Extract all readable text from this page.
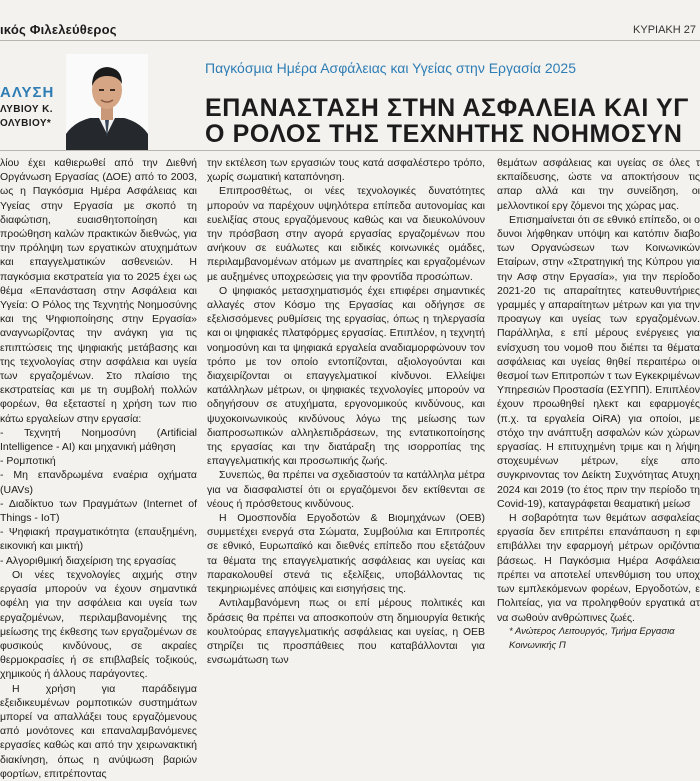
ικός Φιλελεύθερος	ΚΥΡΙΑΚΗ 27
ΑΛΥΣΗ
ΛΥΒΙΟΥ Κ.
ΟΛΥΒΙΟΥ*
Παγκόσμια Ημέρα Ασφάλειας και Υγείας στην Εργασία 2025
ΕΠΑΝΑΣΤΑΣΗ ΣΤΗΝ ΑΣΦΑΛΕΙΑ ΚΑΙ ΥΓ
Ο ΡΟΛΟΣ ΤΗΣ ΤΕΧΝΗΤΗΣ ΝΟΗΜΟΣΥΝ

λίου έχει καθιερωθεί από την Διεθνή Οργάνωση Εργασίας (ΔΟΕ) από το 2003, ως η Παγκόσμια Ημέρα Ασφάλειας και Υγείας στην Εργασία με σκοπό τη διαφώτιση, ευαισθητοποίηση και προώθηση καλών πρακτικών διεθνώς, για την πρόληψη των εργατικών ατυχημάτων και επαγγελματικών ασθενειών. Η παγκόσμια εκστρατεία για το 2025 έχει ως θέμα «Επανάσταση στην Ασφάλεια και Υγεία: Ο Ρόλος της Τεχνητής Νοημοσύνης και της Ψηφιοποίησης στην Εργασία» αναγνωρίζοντας την ανάγκη για τις επιπτώσεις της ψηφιακής μετάβασης και της τεχνολογίας στην ασφάλεια και υγεία των εργαζομένων. Στο πλαίσιο της εκστρατείας και με τη συμβολή πολλών φορέων, θα εξεταστεί η χρήση των πιο κάτω εργαλείων στην εργασία:

- Τεχνητή Νοημοσύνη (Artificial Intelligence - AI) και μηχανική μάθηση

- Ρομποτική

- Μη επανδρωμένα εναέρια οχήματα (UAVs)

- Διαδίκτυο των Πραγμάτων (Internet of Things - IoT)

- Ψηφιακή πραγματικότητα (επαυξημένη, εικονική και μικτή)

- Αλγοριθμική διαχείριση της εργασίας

Οι νέες τεχνολογίες αιχμής στην εργασία μπορούν να έχουν σημαντικά οφέλη για την ασφάλεια και υγεία των εργαζομένων, περιλαμβανομένης της μείωσης της έκθεσης των εργαζομένων σε φυσικούς κινδύνους, σε ακραίες θερμοκρασίες ή σε επιβλαβείς τοξικούς, χημικούς ή άλλους παράγοντες.

Η χρήση για παράδειγμα εξειδικευμένων ρομποτικών συστημάτων μπορεί να απαλλάξει τους εργαζόμενους από μονότονες και επαναλαμβανόμενες εργασίες καθώς και από την χειρωνακτική διακίνηση, όπως η ανύψωση βαριών φορτίων, επιτρέποντας

την εκτέλεση των εργασιών τους κατά ασφαλέστερο τρόπο, χωρίς σωματική καταπόνηση.

Επιπροσθέτως, οι νέες τεχνολογικές δυνατότητες μπορούν να παρέχουν υψηλότερα επίπεδα αυτονομίας και ευελιξίας στους εργαζόμενους καθώς και να διευκολύνουν την πρόσβαση στην αγορά εργασίας εργαζομένων που ανήκουν σε ευάλωτες και ειδικές κοινωνικές ομάδες, περιλαμβανομένων ατόμων με αναπηρίες και εργαζομένων με αυξημένες υποχρεώσεις για την φροντίδα προσώπων.

Ο ψηφιακός μετασχηματισμός έχει επιφέρει σημαντικές αλλαγές στον Κόσμο της Εργασίας και οδήγησε σε εξελισσόμενες ρυθμίσεις της εργασίας, όπως η τηλεργασία και οι ψηφιακές πλατφόρμες εργασίας. Επιπλέον, η τεχνητή νοημοσύνη και τα ψηφιακά εργαλεία αναδιαμορφώνουν τον τρόπο με τον οποίο εντοπίζονται, αξιολογούνται και διαχειρίζονται οι επαγγελματικοί κίνδυνοι. Ελλείψει κατάλληλων μέτρων, οι ψηφιακές τεχνολογίες μπορούν να οδηγήσουν σε ατυχήματα, εργονομικούς κινδύνους, και ψυχοκοινωνικούς κινδύνους λόγω της μείωσης των διαπροσωπικών αλληλεπιδράσεων, της εντατικοποίησης της εργασίας και την διατάραξη της ισορροπίας της επαγγελματικής και προσωπικής ζωής.

Συνεπώς, θα πρέπει να σχεδιαστούν τα κατάλληλα μέτρα για να διασφαλιστεί ότι οι εργαζόμενοι δεν εκτίθενται σε νέους ή πρόσθετους κινδύνους.

Η Ομοσπονδία Εργοδοτών & Βιομηχάνων (ΟΕΒ) συμμετέχει ενεργά στα Σώματα, Συμβούλια και Επιτροπές σε εθνικό, Ευρωπαϊκό και διεθνές επίπεδο που εξετάζουν τα θέματα της επαγγελματικής ασφάλειας και υγείας και παρακολουθεί στενά τις εξελίξεις, υποβάλλοντας τις τεκμηριωμένες απόψεις και εισηγήσεις της.

Αντιλαμβανόμενη πως οι επί μέρους πολιτικές και δράσεις θα πρέπει να αποσκοπούν στη δημιουργία θετικής κουλτούρας επαγγελματικής ασφάλειας και υγείας, η ΟΕΒ στηρίζει τις προσπάθειες που καταβάλλονται για ενσωμάτωση των

θεμάτων ασφάλειας και υγείας σε όλες τ εκπαίδευσης, ώστε να αποκτήσουν τις απαρ αλλά και την συνείδηση, οι μελλοντικοί εργ ζόμενοι της χώρας μας.

Επισημαίνεται ότι σε εθνικό επίπεδο, οι ο δυνοι λήφθηκαν υπόψη και κατόπιν διαβο των Οργανώσεων των Κοινωνικών Εταίρων, στην «Στρατηγική της Κύπρου για την Ασφ στην Εργασία», για την περίοδο 2021-20 τις απαραίτητες κατευθυντήριες γραμμές γ απαραίτητων μέτρων και για την προαγωγ και υγείας των εργαζομένων. Παράλληλα, ε επί μέρους ενέργειες για ενίσχυση του νομοθ που διέπει τα θέματα ασφάλειας και υγείας θηθεί περαιτέρω οι θεσμοί των Επιτροπών τ των Εγκεκριμένων Υπηρεσιών Προστασία (ΕΣΥΠΠ). Επιπλέον έχουν προωθηθεί ηλεκτ και εφαρμογές (π.χ. τα εργαλεία OiRA) για οποίοι, με στόχο την ανάπτυξη ασφαλών κών χώρων εργασίας. Η επιτυχημένη τριμε και η λήψη στοχευμένων μέτρων, είχε απο συγκρινοντας τον Δείκτη Συχνότητας Ατυχη 2024 και 2019 (το έτος πριν την περίοδο τη Covid-19), καταγράφεται θεαματική μείωσ

Η σοβαρότητα των θεμάτων ασφαλείας εργασία δεν επιτρέπει επανάπαυση η εφι επιβάλλει την εφαρμογή μέτρων οριζόντια βάσεως. Η Παγκόσμια Ημέρα Ασφάλεια πρέπει να αποτελεί υπενθύμιση του υποχ των εμπλεκόμενων φορέων, Εργοδοτών, ε Πολιτείας, για να προληφθούν εργατικά ατ να σωθούν ανθρώπινες ζωές.

* Ανώτερος Λειτουργός, Τμήμα Εργασια

Κοινωνικής Π
